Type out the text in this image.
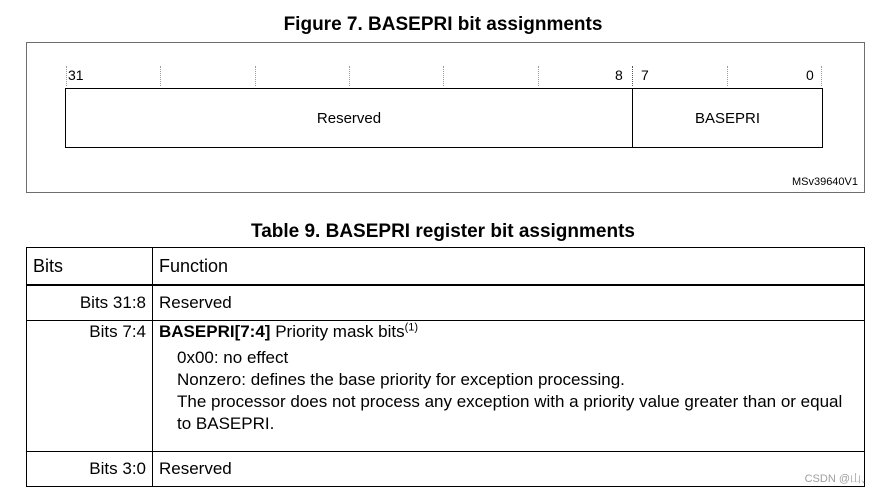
Figure 7. BASEPRI bit assignments
31	8 7	0
Reserved	BASEPRI
MSv39640V1
Table 9. BASEPRI register bit assignments
Bits	Function
Bits 31:8	Reserved
Bits 7:4	BASEPRI[7:4] Priority mask bits$^{(1)}$
0x00: no effect
Nonzero: defines the base priority for exception processing.
The processor does not process any exception with a priority value greater than or equal to BASEPRI.

Bits 3:0	Reserved
CSDN @山、
